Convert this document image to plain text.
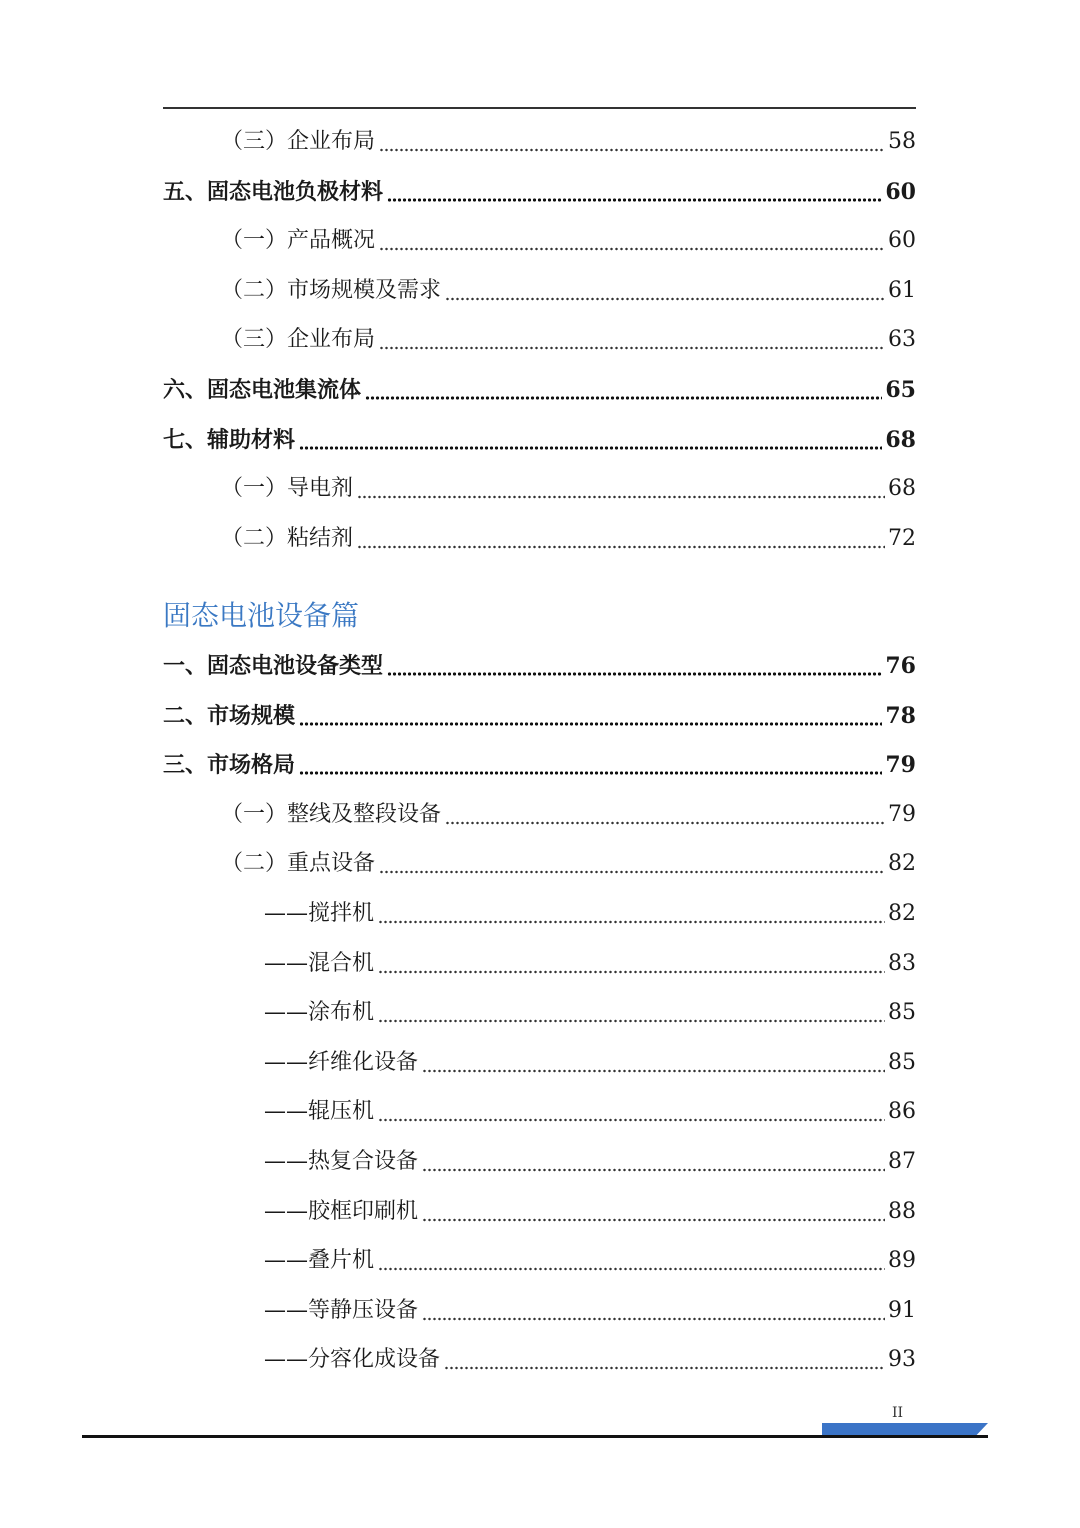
固态电池设备篇
（三）企业布局	58
五、固态电池负极材料	60
（一）产品概况	60
（二）市场规模及需求	61
（三）企业布局	63
六、固态电池集流体	65
七、辅助材料	68
（一）导电剂	68
（二）粘结剂	72
一、固态电池设备类型	76
二、市场规模	78
三、市场格局	79
（一）整线及整段设备	79
（二）重点设备	82
——搅拌机	82
——混合机	83
——涂布机	85
——纤维化设备	85
——辊压机	86
——热复合设备	87
——胶框印刷机	88
——叠片机	89
——等静压设备	91
——分容化成设备	93
II
